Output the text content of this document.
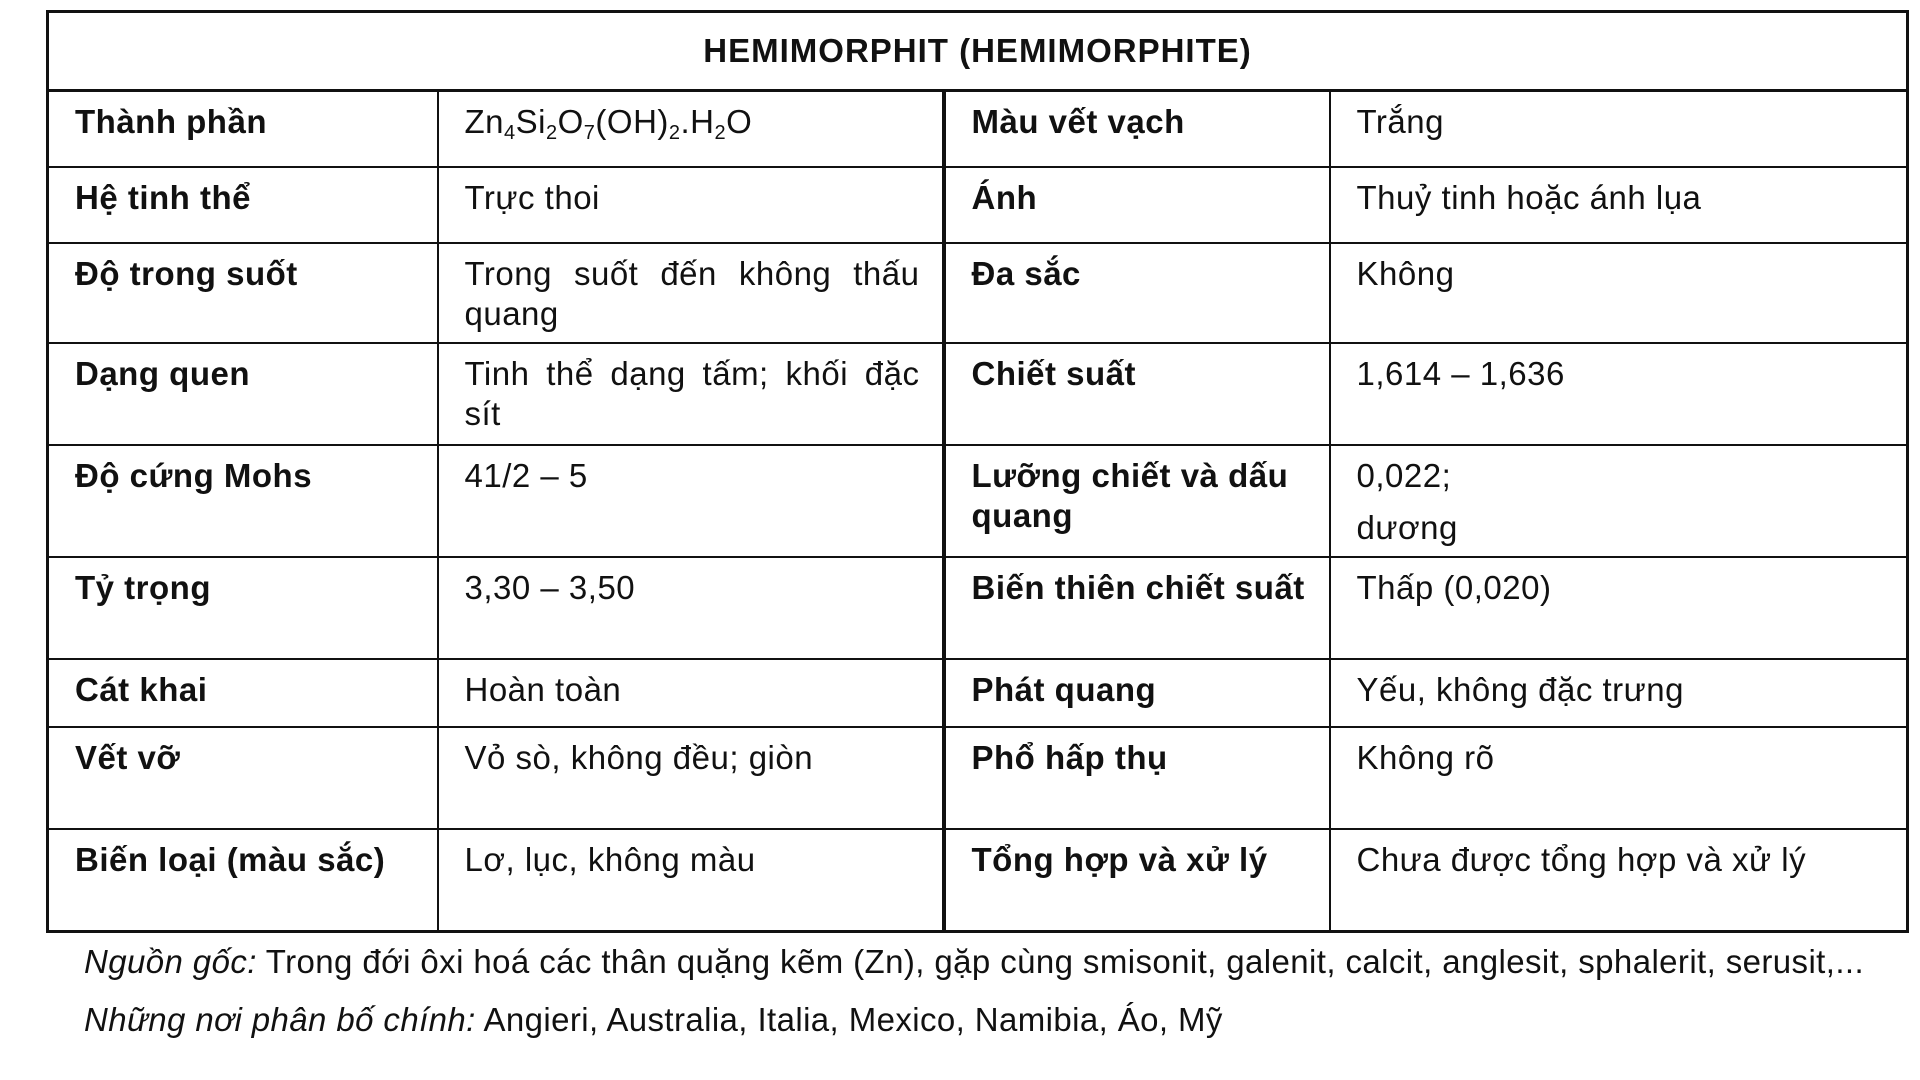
HEMIMORPHIT (HEMIMORPHITE)			
Thành phần	$Zn_4Si_2O_7(OH)_2.H_2O$	Màu vết vạch	Trắng
Hệ tinh thể	Trực thoi	Ánh	Thuỷ tinh hoặc ánh lụa
Độ trong suốt	Trong suốt đến không thấu quang	Đa sắc	Không
Dạng quen	Tinh thể dạng tấm; khối đặc sít	Chiết suất	1,614 – 1,636
Độ cứng Mohs	41/2 – 5	Lưỡng chiết và dấu quang	0,022;
dương

Tỷ trọng	3,30 – 3,50	Biến thiên chiết suất	Thấp (0,020)
Cát khai	Hoàn toàn	Phát quang	Yếu, không đặc trưng
Vết vỡ	Vỏ sò, không đều; giòn	Phổ hấp thụ	Không rõ
Biến loại (màu sắc)	Lơ, lục, không màu	Tổng hợp và xử lý	Chưa được tổng hợp và xử lý

Nguồn gốc: Trong đới ôxi hoá các thân quặng kẽm (Zn), gặp cùng smisonit, galenit, calcit, anglesit, sphalerit, serusit,...

Những nơi phân bố chính: Angieri, Australia, Italia, Mexico, Namibia, Áo, Mỹ
